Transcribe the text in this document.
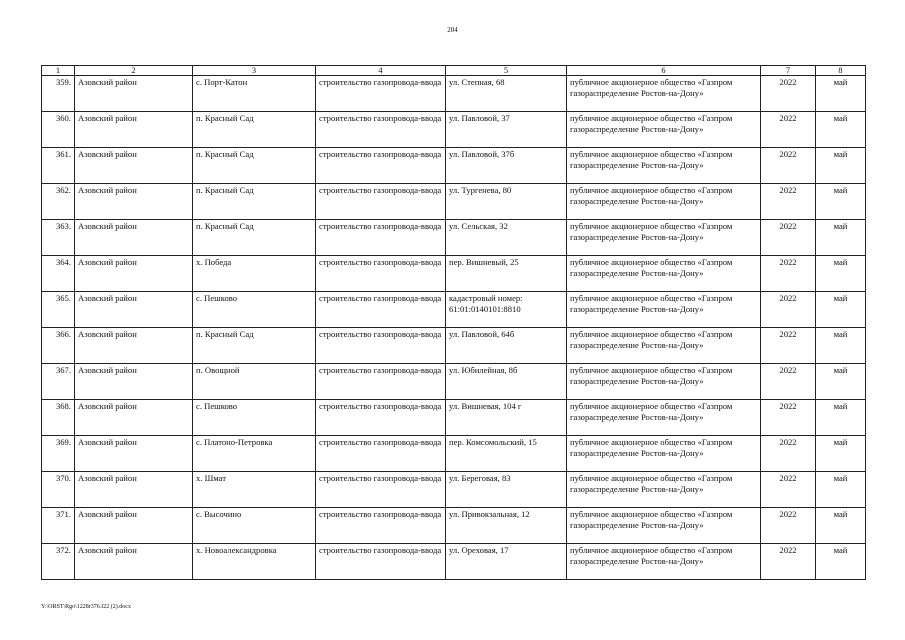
204
1	2	3	4	5	6	7	8
359.	Азовский район	с. Порт-Катон	строительство газопровода-ввода	ул. Степная, 68	публичное акционерное общество «Газпром газораспределение Ростов-на-Дону»	2022	май
360.	Азовский район	п. Красный Сад	строительство газопровода-ввода	ул. Павловой, 37	публичное акционерное общество «Газпром газораспределение Ростов-на-Дону»	2022	май
361.	Азовский район	п. Красный Сад	строительство газопровода-ввода	ул. Павловой, 37б	публичное акционерное общество «Газпром газораспределение Ростов-на-Дону»	2022	май
362.	Азовский район	п. Красный Сад	строительство газопровода-ввода	ул. Тургенева, 80	публичное акционерное общество «Газпром газораспределение Ростов-на-Дону»	2022	май
363.	Азовский район	п. Красный Сад	строительство газопровода-ввода	ул. Сельская, 32	публичное акционерное общество «Газпром газораспределение Ростов-на-Дону»	2022	май
364.	Азовский район	х. Победа	строительство газопровода-ввода	пер. Вишневый, 25	публичное акционерное общество «Газпром газораспределение Ростов-на-Дону»	2022	май
365.	Азовский район	с. Пешково	строительство газопровода-ввода	кадастровый номер: 61:01:0140101:8810	публичное акционерное общество «Газпром газораспределение Ростов-на-Дону»	2022	май
366.	Азовский район	п. Красный Сад	строительство газопровода-ввода	ул. Павловой, 64б	публичное акционерное общество «Газпром газораспределение Ростов-на-Дону»	2022	май
367.	Азовский район	п. Овощной	строительство газопровода-ввода	ул. Юбилейная, 8б	публичное акционерное общество «Газпром газораспределение Ростов-на-Дону»	2022	май
368.	Азовский район	с. Пешково	строительство газопровода-ввода	ул. Вишневая, 104 г	публичное акционерное общество «Газпром газораспределение Ростов-на-Дону»	2022	май
369.	Азовский район	с. Платоно-Петровка	строительство газопровода-ввода	пер. Комсомольский, 15	публичное акционерное общество «Газпром газораспределение Ростов-на-Дону»	2022	май
370.	Азовский район	х. Шмат	строительство газопровода-ввода	ул. Береговая, 83	публичное акционерное общество «Газпром газораспределение Ростов-на-Дону»	2022	май
371.	Азовский район	с. Высочино	строительство газопровода-ввода	ул. Привокзальная, 12	публичное акционерное общество «Газпром газораспределение Ростов-на-Дону»	2022	май
372.	Азовский район	х. Новоалександровка	строительство газопровода-ввода	ул. Ореховая, 17	публичное акционерное общество «Газпром газораспределение Ростов-на-Дону»	2022	май
Y:\ORST\Rgo\1228r376.f22 (2).docx
